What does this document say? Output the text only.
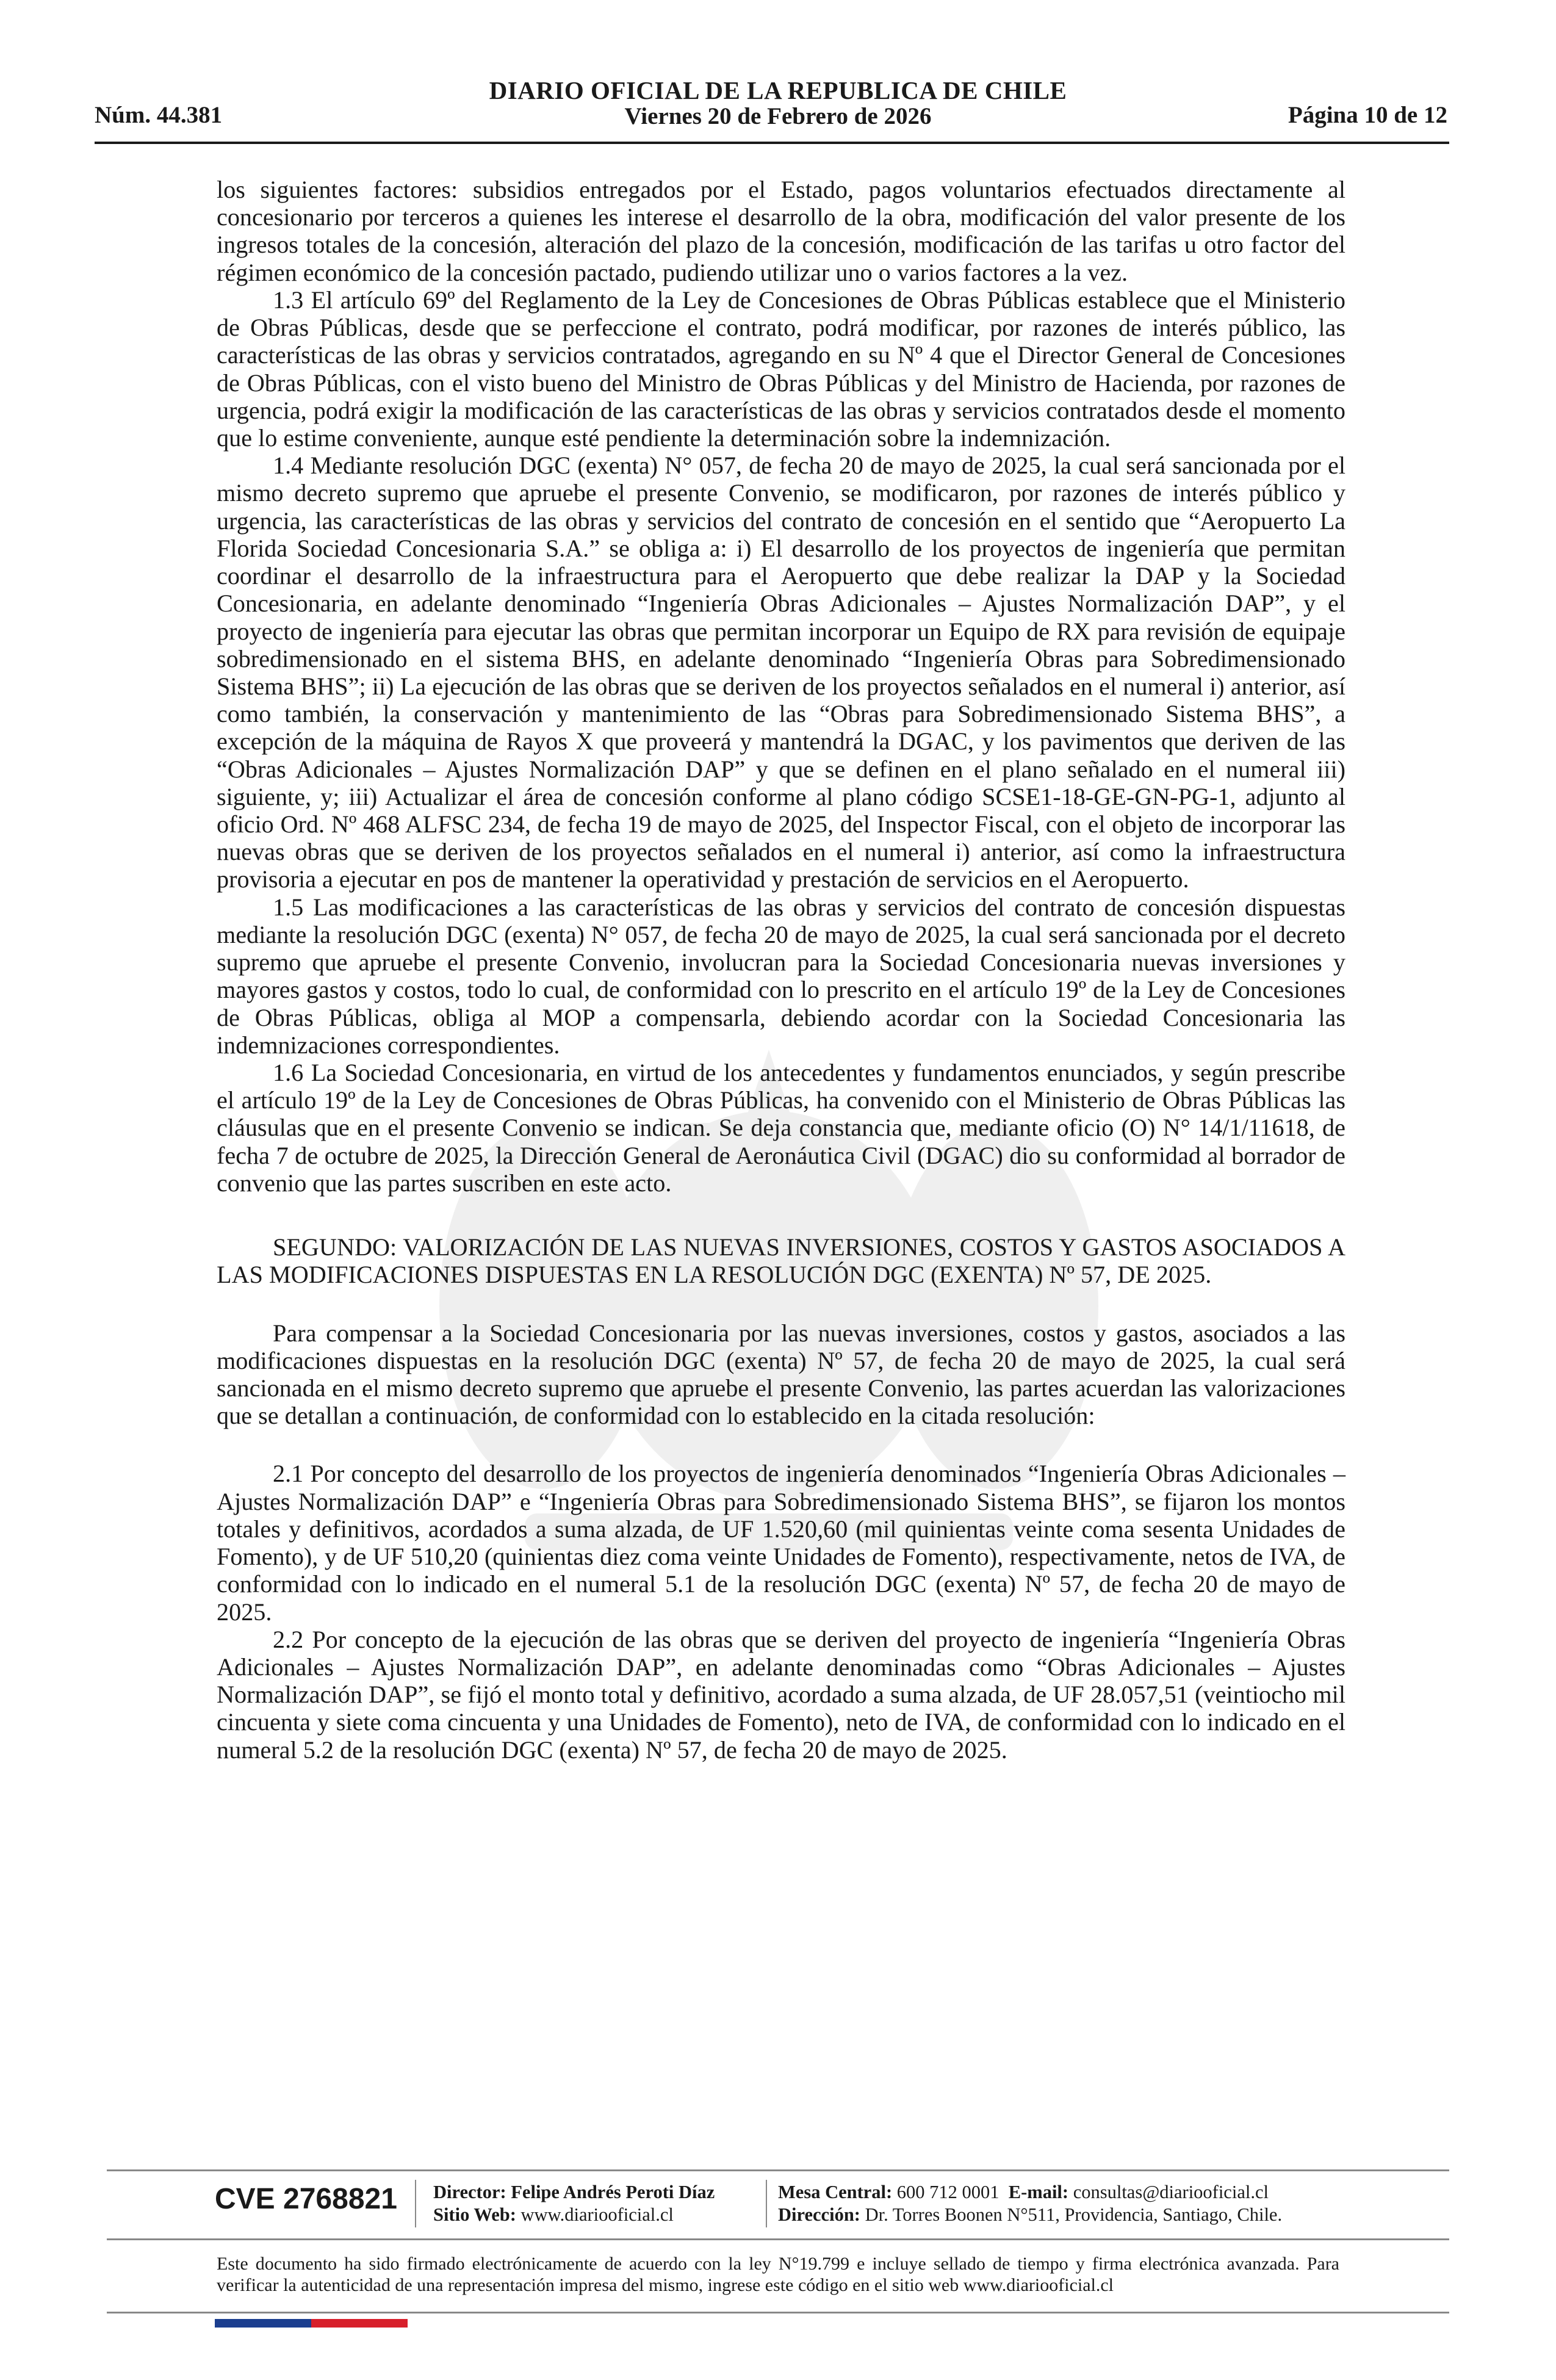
Núm. 44.381
DIARIO OFICIAL DE LA REPUBLICA DE CHILE
Viernes 20 de Febrero de 2026	Página 10 de 12

los siguientes factores: subsidios entregados por el Estado, pagos voluntarios efectuados directamente al concesionario por terceros a quienes les interese el desarrollo de la obra, modificación del valor presente de los ingresos totales de la concesión, alteración del plazo de la concesión, modificación de las tarifas u otro factor del régimen económico de la concesión pactado, pudiendo utilizar uno o varios factores a la vez.

1.3 El artículo 69º del Reglamento de la Ley de Concesiones de Obras Públicas establece que el Ministerio de Obras Públicas, desde que se perfeccione el contrato, podrá modificar, por razones de interés público, las características de las obras y servicios contratados, agregando en su Nº 4 que el Director General de Concesiones de Obras Públicas, con el visto bueno del Ministro de Obras Públicas y del Ministro de Hacienda, por razones de urgencia, podrá exigir la modificación de las características de las obras y servicios contratados desde el momento que lo estime conveniente, aunque esté pendiente la determinación sobre la indemnización.

1.4 Mediante resolución DGC (exenta) N° 057, de fecha 20 de mayo de 2025, la cual será sancionada por el mismo decreto supremo que apruebe el presente Convenio, se modificaron, por razones de interés público y urgencia, las características de las obras y servicios del contrato de concesión en el sentido que “Aeropuerto La Florida Sociedad Concesionaria S.A.” se obliga a: i) El desarrollo de los proyectos de ingeniería que permitan coordinar el desarrollo de la infraestructura para el Aeropuerto que debe realizar la DAP y la Sociedad Concesionaria, en adelante denominado “Ingeniería Obras Adicionales – Ajustes Normalización DAP”, y el proyecto de ingeniería para ejecutar las obras que permitan incorporar un Equipo de RX para revisión de equipaje sobredimensionado en el sistema BHS, en adelante denominado “Ingeniería Obras para Sobredimensionado Sistema BHS”; ii) La ejecución de las obras que se deriven de los proyectos señalados en el numeral i) anterior, así como también, la conservación y mantenimiento de las “Obras para Sobredimensionado Sistema BHS”, a excepción de la máquina de Rayos X que proveerá y mantendrá la DGAC, y los pavimentos que deriven de las “Obras Adicionales – Ajustes Normalización DAP” y que se definen en el plano señalado en el numeral iii) siguiente, y; iii) Actualizar el área de concesión conforme al plano código SCSE1-18-GE-GN-PG-1, adjunto al oficio Ord. Nº 468 ALFSC 234, de fecha 19 de mayo de 2025, del Inspector Fiscal, con el objeto de incorporar las nuevas obras que se deriven de los proyectos señalados en el numeral i) anterior, así como la infraestructura provisoria a ejecutar en pos de mantener la operatividad y prestación de servicios en el Aeropuerto.

1.5 Las modificaciones a las características de las obras y servicios del contrato de concesión dispuestas mediante la resolución DGC (exenta) N° 057, de fecha 20 de mayo de 2025, la cual será sancionada por el decreto supremo que apruebe el presente Convenio, involucran para la Sociedad Concesionaria nuevas inversiones y mayores gastos y costos, todo lo cual, de conformidad con lo prescrito en el artículo 19º de la Ley de Concesiones de Obras Públicas, obliga al MOP a compensarla, debiendo acordar con la Sociedad Concesionaria las indemnizaciones correspondientes.

1.6 La Sociedad Concesionaria, en virtud de los antecedentes y fundamentos enunciados, y según prescribe el artículo 19º de la Ley de Concesiones de Obras Públicas, ha convenido con el Ministerio de Obras Públicas las cláusulas que en el presente Convenio se indican. Se deja constancia que, mediante oficio (O) N° 14/1/11618, de fecha 7 de octubre de 2025, la Dirección General de Aeronáutica Civil (DGAC) dio su conformidad al borrador de convenio que las partes suscriben en este acto.

SEGUNDO: VALORIZACIÓN DE LAS NUEVAS INVERSIONES, COSTOS Y GASTOS ASOCIADOS A LAS MODIFICACIONES DISPUESTAS EN LA RESOLUCIÓN DGC (EXENTA) Nº 57, DE 2025.

Para compensar a la Sociedad Concesionaria por las nuevas inversiones, costos y gastos, asociados a las modificaciones dispuestas en la resolución DGC (exenta) Nº 57, de fecha 20 de mayo de 2025, la cual será sancionada en el mismo decreto supremo que apruebe el presente Convenio, las partes acuerdan las valorizaciones que se detallan a continuación, de conformidad con lo establecido en la citada resolución:

2.1 Por concepto del desarrollo de los proyectos de ingeniería denominados “Ingeniería Obras Adicionales – Ajustes Normalización DAP” e “Ingeniería Obras para Sobredimensionado Sistema BHS”, se fijaron los montos totales y definitivos, acordados a suma alzada, de UF 1.520,60 (mil quinientas veinte coma sesenta Unidades de Fomento), y de UF 510,20 (quinientas diez coma veinte Unidades de Fomento), respectivamente, netos de IVA, de conformidad con lo indicado en el numeral 5.1 de la resolución DGC (exenta) Nº 57, de fecha 20 de mayo de 2025.

2.2 Por concepto de la ejecución de las obras que se deriven del proyecto de ingeniería “Ingeniería Obras Adicionales – Ajustes Normalización DAP”, en adelante denominadas como “Obras Adicionales – Ajustes Normalización DAP”, se fijó el monto total y definitivo, acordado a suma alzada, de UF 28.057,51 (veintiocho mil cincuenta y siete coma cincuenta y una Unidades de Fomento), neto de IVA, de conformidad con lo indicado en el numeral 5.2 de la resolución DGC (exenta) Nº 57, de fecha 20 de mayo de 2025.

CVE 2768821 Director: Felipe Andrés Peroti Díaz
Sitio Web: www.diariooficial.cl
Mesa Central: 600 712 0001 E-mail: consultas@diariooficial.cl
Dirección: Dr. Torres Boonen N°511, Providencia, Santiago, Chile.
Este documento ha sido firmado electrónicamente de acuerdo con la ley N°19.799 e incluye sellado de tiempo y firma electrónica avanzada. Para verificar la autenticidad de una representación impresa del mismo, ingrese este código en el sitio web www.diariooficial.cl
